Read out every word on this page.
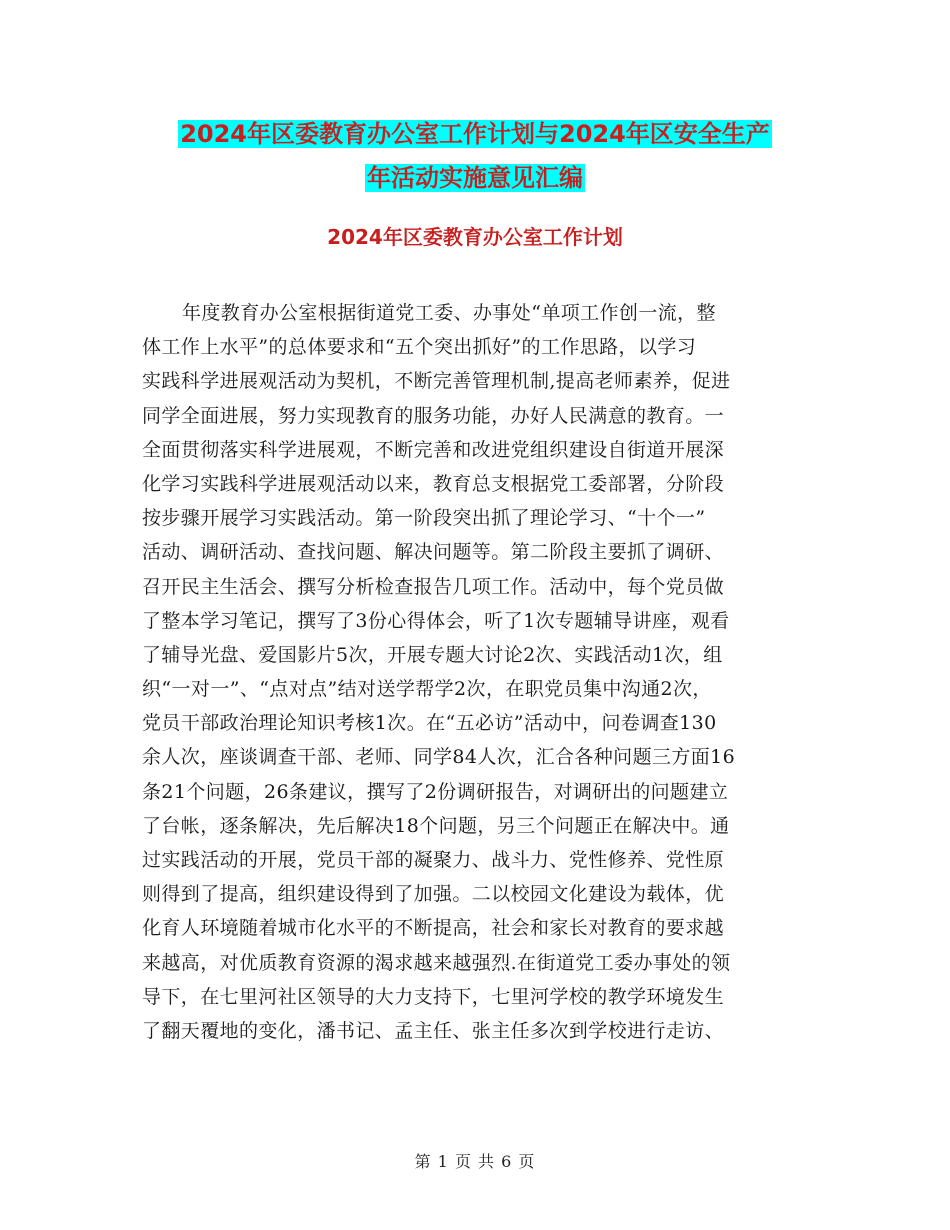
2024年区委教育办公室工作计划与2024年区安全生产
年活动实施意见汇编
2024年区委教育办公室工作计划
年度教育办公室根据街道党工委、办事处“单项工作创一流，整
体工作上水平”的总体要求和“五个突出抓好”的工作思路，以学习
实践科学进展观活动为契机，不断完善管理机制,提高老师素养，促进
同学全面进展，努力实现教育的服务功能，办好人民满意的教育。一
全面贯彻落实科学进展观，不断完善和改进党组织建设自街道开展深
化学习实践科学进展观活动以来，教育总支根据党工委部署，分阶段
按步骤开展学习实践活动。第一阶段突出抓了理论学习、“十个一”
活动、调研活动、查找问题、解决问题等。第二阶段主要抓了调研、
召开民主生活会、撰写分析检查报告几项工作。活动中，每个党员做
了整本学习笔记，撰写了3份心得体会，听了1次专题辅导讲座，观看
了辅导光盘、爱国影片5次，开展专题大讨论2次、实践活动1次，组
织“一对一”、“点对点”结对送学帮学2次，在职党员集中沟通2次，
党员干部政治理论知识考核1次。在“五必访”活动中，问卷调查130
余人次，座谈调查干部、老师、同学84人次，汇合各种问题三方面16
条21个问题，26条建议，撰写了2份调研报告，对调研出的问题建立
了台帐，逐条解决，先后解决18个问题，另三个问题正在解决中。通
过实践活动的开展，党员干部的凝聚力、战斗力、党性修养、党性原
则得到了提高，组织建设得到了加强。二以校园文化建设为载体，优
化育人环境随着城市化水平的不断提高，社会和家长对教育的要求越
来越高，对优质教育资源的渴求越来越强烈.在街道党工委办事处的领
导下，在七里河社区领导的大力支持下，七里河学校的教学环境发生
了翻天覆地的变化，潘书记、孟主任、张主任多次到学校进行走访、
第 1 页 共 6 页
